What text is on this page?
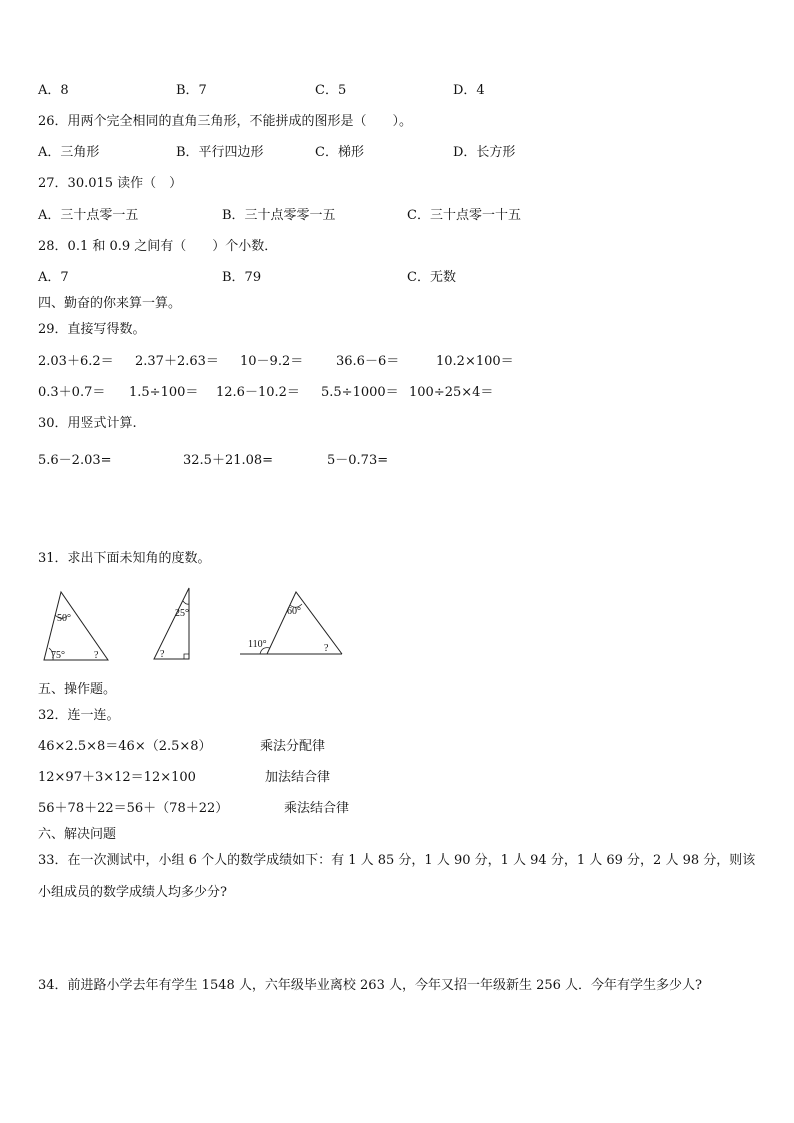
A．8	B．7	C．5	D．4
26．用两个完全相同的直角三角形，不能拼成的图形是（　　）。
A．三角形	B．平行四边形	C．梯形	D．长方形
27．30.015 读作（　）
A．三十点零一五	B．三十点零零一五	C．三十点零一十五
28．0.1 和 0.9 之间有（　　）个小数．
A．7	B．79	C．无数
四、勤奋的你来算一算。
29．直接写得数。
2.03＋6.2＝ 2.37＋2.63＝ 10－9.2＝	36.6－6＝	10.2×100＝
0.3＋0.7＝ 1.5÷100＝ 12.6－10.2＝ 5.5÷1000＝ 100÷25×4＝
30．用竖式计算.
5.6－2.03=	32.5＋21.08=	5－0.73=
31．求出下面未知角的度数。
50°
75°	?
25°
?
60°
110°	?
五、操作题。
32．连一连。
46×2.5×8＝46×（2.5×8）
12×97＋3×12＝12×100
56＋78＋22＝56＋（78＋22）
乘法分配律
加法结合律
乘法结合律
六、解决问题
33．在一次测试中，小组 6 个人的数学成绩如下：有 1 人 85 分，1 人 90 分，1 人 94 分，1 人 69 分，2 人 98 分，则该
小组成员的数学成绩人均多少分?
34．前进路小学去年有学生 1548 人，六年级毕业离校 263 人，今年又招一年级新生 256 人．今年有学生多少人?
